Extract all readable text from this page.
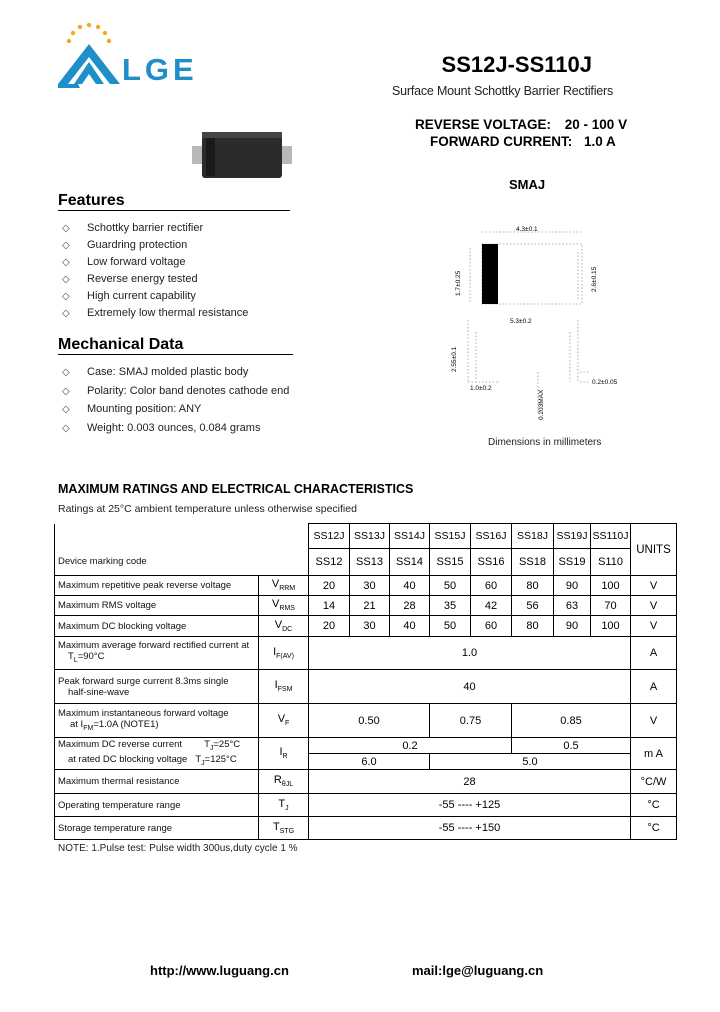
LGE	SS12J-SS110J
Surface Mount Schottky Barrier Rectifiers
REVERSE VOLTAGE: 20 - 100 V
FORWARD CURRENT: 1.0 A
SMAJ
Features
◇ Schottky barrier rectifier
◇ Guardring protection
◇ Low forward voltage
◇ Reverse energy tested
◇ High current capability
◇ Extremely low thermal resistance
Mechanical Data
◇ Case: SMAJ molded plastic body
◇ Polarity: Color band denotes cathode end
◇ Mounting position: ANY
◇ Weight: 0.003 ounces, 0.084 grams
4.3±0.1
1.7±0.25	2.6±0.15
5.3±0.2
2.55±0.1
1.0±0.2
0.2±0.05
0.203MAX
Dimensions in millimeters
MAXIMUM RATINGS AND ELECTRICAL CHARACTERISTICS
Ratings at 25°C ambient temperature unless otherwise specified
		SS12J	SS13J	SS14J	SS15J	SS16J	SS18J	SS19J	SS110J	UNITS
Device marking code		SS12	SS13	SS14	SS15	SS16	SS18	SS19	S110	
Maximum repetitive peak reverse voltage	$V_{RRM}$	20	30	40	50	60	80	90	100	V
Maximum RMS voltage	$V_{RMS}$	14	21	28	35	42	56	63	70	V
Maximum DC blocking voltage	$V_{DC}$	20	30	40	50	60	80	90	100	V

Maximum average forward rectified current at
$T_L=90^\circ C$	$I_{F(AV)}$	1.0								A

Peak forward surge current 8.3ms single
half-sine-wave	$I_{FSM}$	40								A

Maximum instantaneous forward voltage
at $I_{FM}=1.0A$ (NOTE1)	$V_F$	0.50			0.75		0.85			V

Maximum DC reverse current $T_J=25^\circ C$
at rated DC blocking voltage $T_J=125^\circ C$	$I_R$	0.2					0.5			m A
		6.0			5.0					
Maximum thermal resistance	$R_{\theta JL}$	28								°C/W
Operating temperature range	$T_J$	-55 ---- +125								°C
Storage temperature range	$T_{STG}$	-55 ---- +150								°C
NOTE: 1.Pulse test: Pulse width 300us,duty cycle 1 %
http://www.luguang.cn	mail:lge@luguang.cn
